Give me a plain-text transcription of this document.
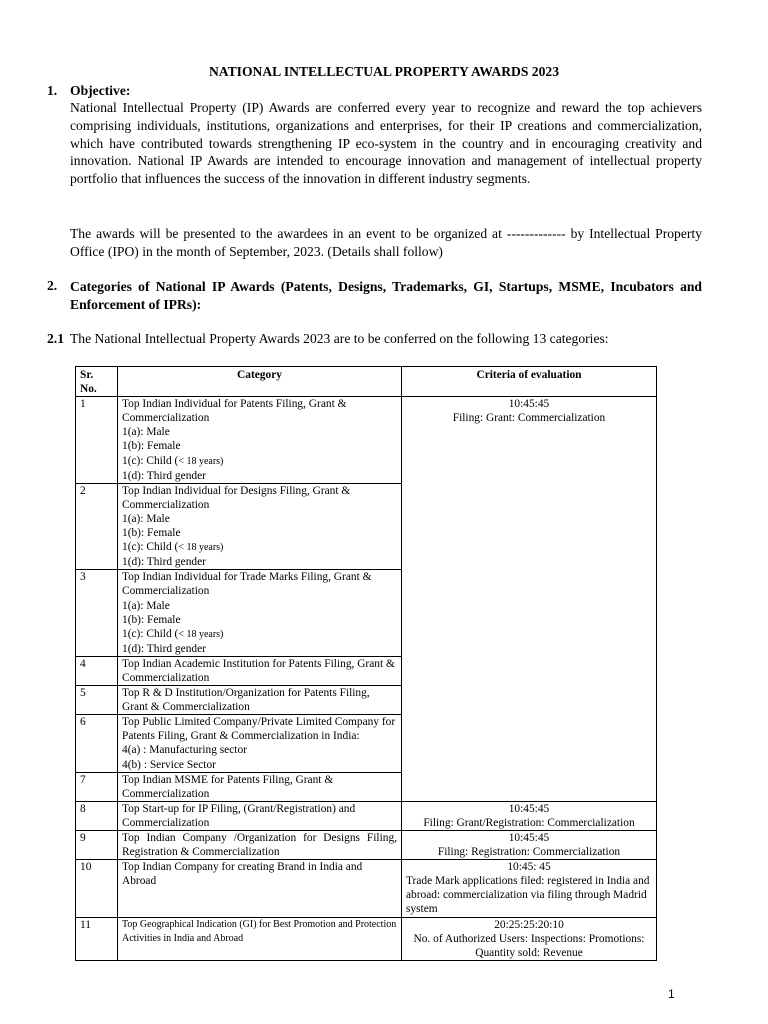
NATIONAL INTELLECTUAL PROPERTY AWARDS 2023
1. Objective:

National Intellectual Property (IP) Awards are conferred every year to recognize and reward the top achievers comprising individuals, institutions, organizations and enterprises, for their IP creations and commercialization, which have contributed towards strengthening IP eco-system in the country and in encouraging creativity and innovation. National IP Awards are intended to encourage innovation and management of intellectual property portfolio that influences the success of the innovation in different industry segments.

The awards will be presented to the awardees in an event to be organized at ------------- by Intellectual Property Office (IPO) in the month of September, 2023. (Details shall follow)

2. Categories of National IP Awards (Patents, Designs, Trademarks, GI, Startups, MSME, Incubators and Enforcement of IPRs):
2.1 The National Intellectual Property Awards 2023 are to be conferred on the following 13 categories:
Sr.
No.	Category	Criteria of evaluation
1	Top Indian Individual for Patents Filing, Grant & Commercialization
1(a): Male
1(b): Female
1(c): Child (< 18 years)
1(d): Third gender	10:45:45
Filing: Grant: Commercialization

2	Top Indian Individual for Designs Filing, Grant & Commercialization
1(a): Male
1(b): Female
1(c): Child (< 18 years)
1(d): Third gender	

3	Top Indian Individual for Trade Marks Filing, Grant & Commercialization
1(a): Male
1(b): Female
1(c): Child (< 18 years)
1(d): Third gender	

4	Top Indian Academic Institution for Patents Filing, Grant & Commercialization	
5	Top R & D Institution/Organization for Patents Filing, Grant & Commercialization	
6	Top Public Limited Company/Private Limited Company for Patents Filing, Grant & Commercialization in India:
4(a) : Manufacturing sector
4(b) : Service Sector	

7	Top Indian MSME for Patents Filing, Grant & Commercialization	
8	Top Start-up for IP Filing, (Grant/Registration) and Commercialization	10:45:45
Filing: Grant/Registration: Commercialization

9	Top Indian Company /Organization for Designs Filing, Registration & Commercialization	10:45:45
Filing: Registration: Commercialization

10	Top Indian Company for creating Brand in India and Abroad	10:45: 45
Trade Mark applications filed: registered in India and abroad: commercialization via filing through Madrid system

11	Top Geographical Indication (GI) for Best Promotion and Protection Activities in India and Abroad	20:25:25:20:10
No. of Authorized Users: Inspections: Promotions: Quantity sold: Revenue
1
